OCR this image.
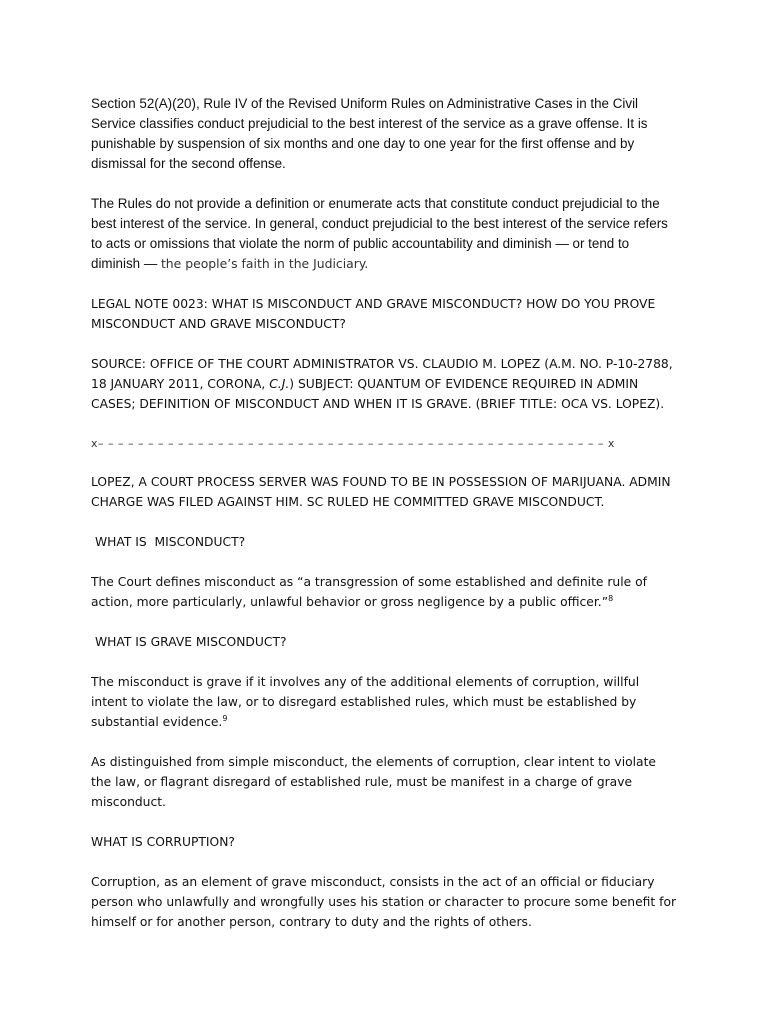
Section 52(A)(20), Rule IV of the Revised Uniform Rules on Administrative Cases in the Civil Service classifies conduct prejudicial to the best interest of the service as a grave offense. It is punishable by suspension of six months and one day to one year for the first offense and by dismissal for the second offense.

The Rules do not provide a definition or enumerate acts that constitute conduct prejudicial to the best interest of the service. In general, conduct prejudicial to the best interest of the service refers to acts or omissions that violate the norm of public accountability and diminish — or tend to diminish — the people’s faith in the Judiciary.

LEGAL NOTE 0023: WHAT IS MISCONDUCT AND GRAVE MISCONDUCT? HOW DO YOU PROVE MISCONDUCT AND GRAVE MISCONDUCT?

SOURCE: OFFICE OF THE COURT ADMINISTRATOR VS. CLAUDIO M. LOPEZ (A.M. NO. P-10-2788, 18 JANUARY 2011, CORONA, C.J.) SUBJECT: QUANTUM OF EVIDENCE REQUIRED IN ADMIN CASES; DEFINITION OF MISCONDUCT AND WHEN IT IS GRAVE. (BRIEF TITLE: OCA VS. LOPEZ).

x– – – – – – – – – – – – – – – – – – – – – – – – – – – – – – – – – – – – – – – – – – – – – – – – – – – x

LOPEZ, A COURT PROCESS SERVER WAS FOUND TO BE IN POSSESSION OF MARIJUANA. ADMIN CHARGE WAS FILED AGAINST HIM. SC RULED HE COMMITTED GRAVE MISCONDUCT.

WHAT IS  MISCONDUCT?

The Court defines misconduct as “a transgression of some established and definite rule of action, more particularly, unlawful behavior or gross negligence by a public officer.”$^8$

WHAT IS GRAVE MISCONDUCT?

The misconduct is grave if it involves any of the additional elements of corruption, willful intent to violate the law, or to disregard established rules, which must be established by substantial evidence.$^9$

As distinguished from simple misconduct, the elements of corruption, clear intent to violate the law, or flagrant disregard of established rule, must be manifest in a charge of grave misconduct.

WHAT IS CORRUPTION?

Corruption, as an element of grave misconduct, consists in the act of an official or fiduciary person who unlawfully and wrongfully uses his station or character to procure some benefit for himself or for another person, contrary to duty and the rights of others.
